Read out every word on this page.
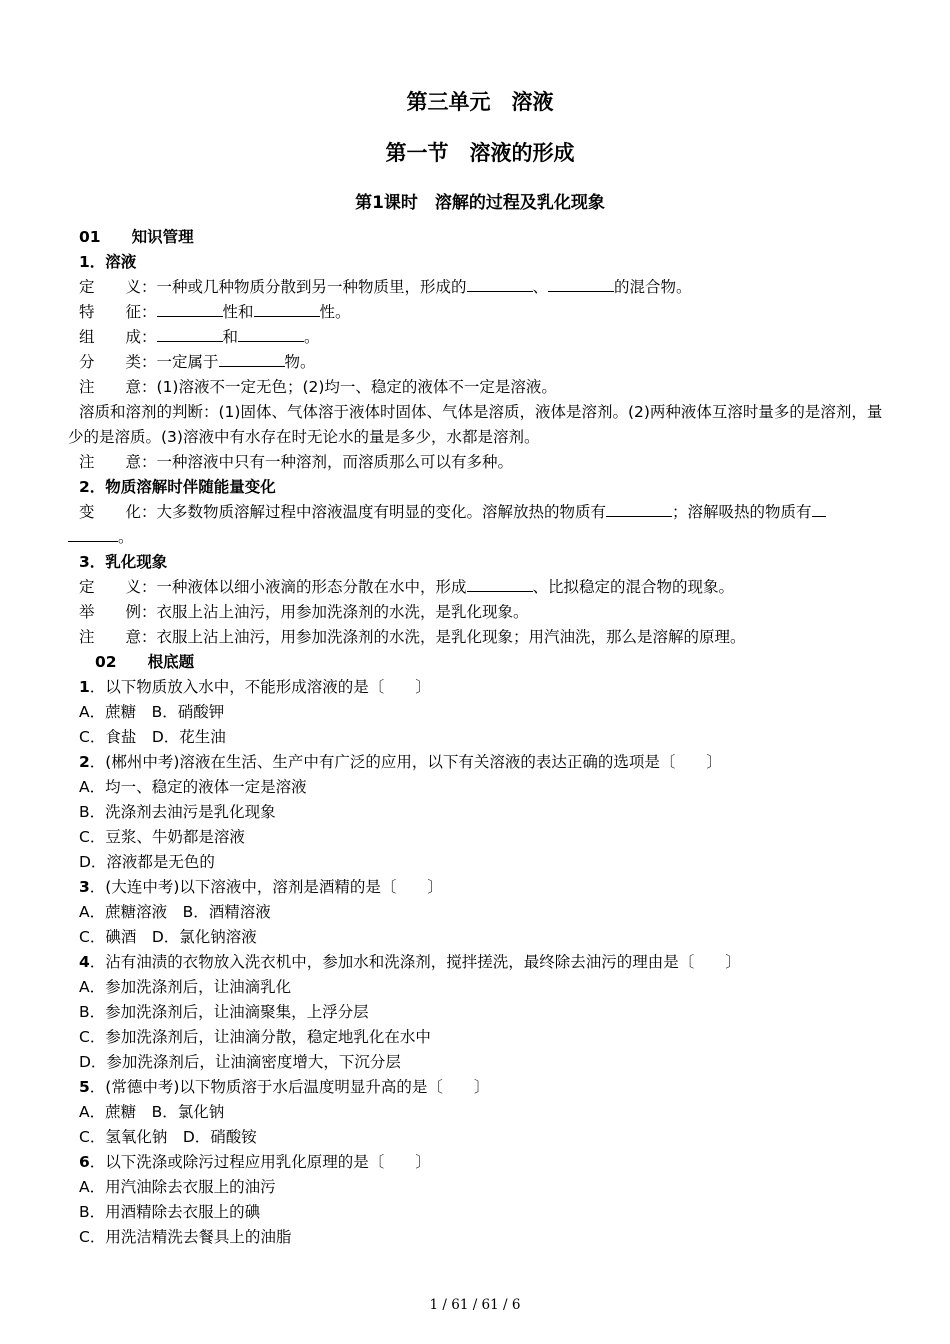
第三单元　溶液
第一节　溶液的形成
第1课时　溶解的过程及乳化现象
01　　知识管理
1．溶液
定　　义：一种或几种物质分散到另一种物质里，形成的	、	的混合物。
特　　征：	性和	性。
组　　成：	和	。
分　　类：一定属于	物。
注　　意：(1)溶液不一定无色；(2)均一、稳定的液体不一定是溶液。
溶质和溶剂的判断：(1)固体、气体溶于液体时固体、气体是溶质，液体是溶剂。(2)两种液体互溶时量多的是溶剂，量少的是溶质。(3)溶液中有水存在时无论水的量是多少，水都是溶剂。
注　　意：一种溶液中只有一种溶剂，而溶质那么可以有多种。
2．物质溶解时伴随能量变化
变　　化：大多数物质溶解过程中溶液温度有明显的变化。溶解放热的物质有	；溶解吸热的物质有
。
3．乳化现象
定　　义：一种液体以细小液滴的形态分散在水中，形成	、比拟稳定的混合物的现象。
举　　例：衣服上沾上油污，用参加洗涤剂的水洗，是乳化现象。
注　　意：衣服上沾上油污，用参加洗涤剂的水洗，是乳化现象；用汽油洗，那么是溶解的原理。
02　　根底题
1．以下物质放入水中，不能形成溶液的是〔　　〕
A．蔗糖　B．硝酸钾
C．食盐　D．花生油
2．(郴州中考)溶液在生活、生产中有广泛的应用，以下有关溶液的表达正确的选项是〔　　〕
A．均一、稳定的液体一定是溶液
B．洗涤剂去油污是乳化现象
C．豆浆、牛奶都是溶液
D．溶液都是无色的
3．(大连中考)以下溶液中，溶剂是酒精的是〔　　〕
A．蔗糖溶液　B．酒精溶液
C．碘酒　D．氯化钠溶液
4．沾有油渍的衣物放入洗衣机中，参加水和洗涤剂，搅拌搓洗，最终除去油污的理由是〔　　〕
A．参加洗涤剂后，让油滴乳化
B．参加洗涤剂后，让油滴聚集，上浮分层
C．参加洗涤剂后，让油滴分散，稳定地乳化在水中
D．参加洗涤剂后，让油滴密度增大，下沉分层
5．(常德中考)以下物质溶于水后温度明显升高的是〔　　〕
A．蔗糖　B．氯化钠
C．氢氧化钠　D．硝酸铵
6．以下洗涤或除污过程应用乳化原理的是〔　　〕
A．用汽油除去衣服上的油污
B．用酒精除去衣服上的碘
C．用洗洁精洗去餐具上的油脂
1 / 61 / 61 / 6
